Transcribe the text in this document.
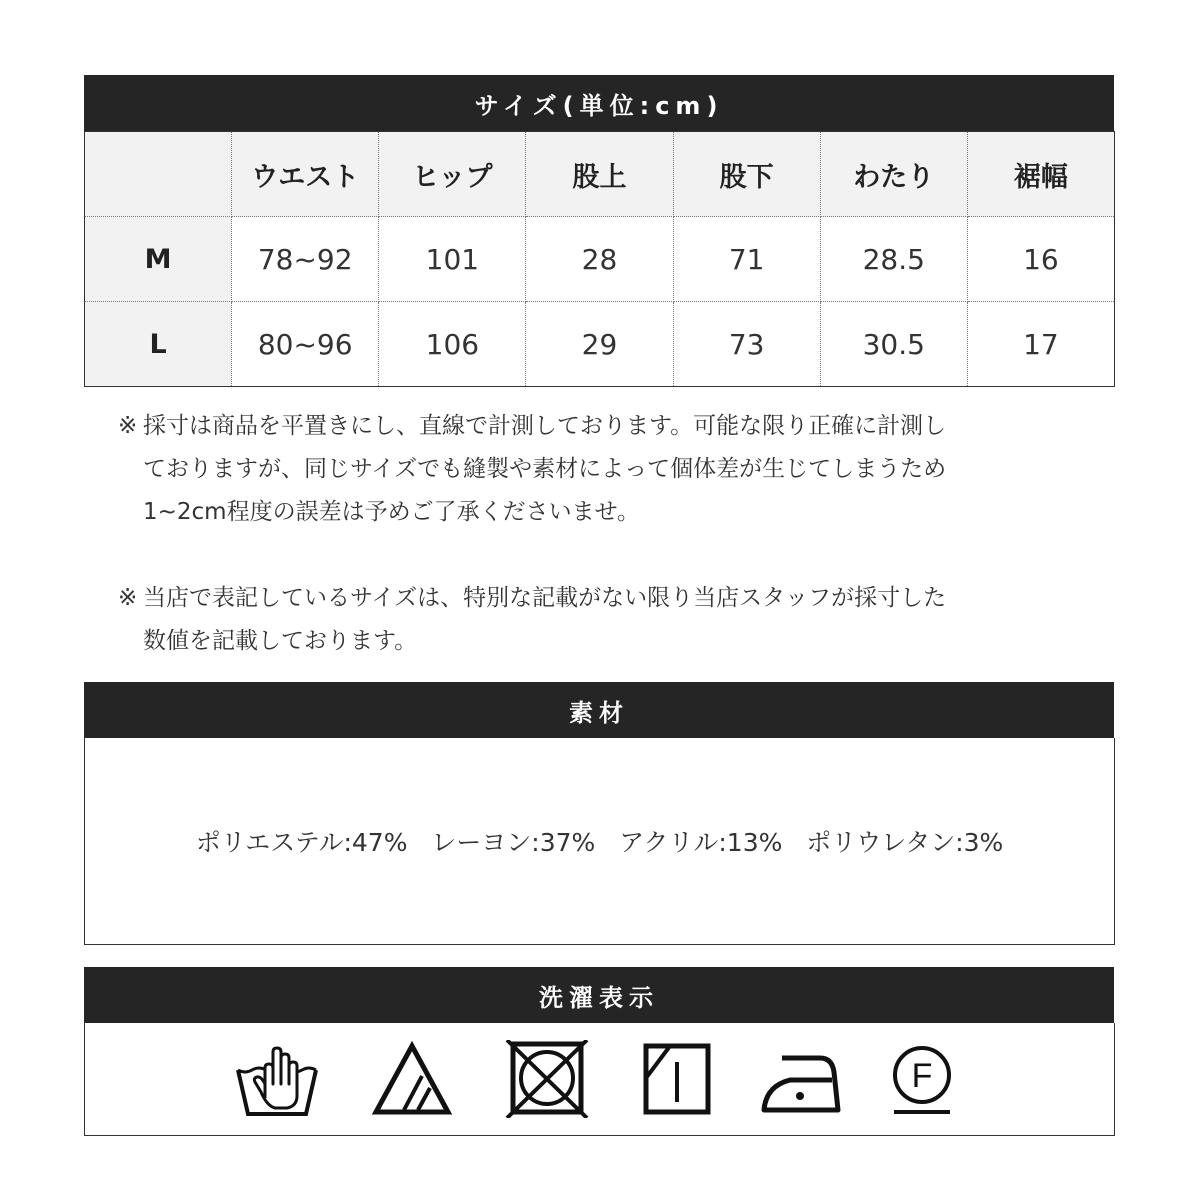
サイズ(単位:cm)
	ウエスト	ヒップ	股上	股下	わたり	裾幅
M	78~92	101	28	71	28.5	16
L	80~96	106	29	73	30.5	17
※ 採寸は商品を平置きにし、直線で計測しております。可能な限り正確に計測し
ておりますが、同じサイズでも縫製や素材によって個体差が生じてしまうため
1~2cm程度の誤差は予めご了承くださいませ。
※ 当店で表記しているサイズは、特別な記載がない限り当店スタッフが採寸した
数値を記載しております。
素材
ポリエステル:47%   レーヨン:37%   アクリル:13%   ポリウレタン:3%
洗濯表示
F
